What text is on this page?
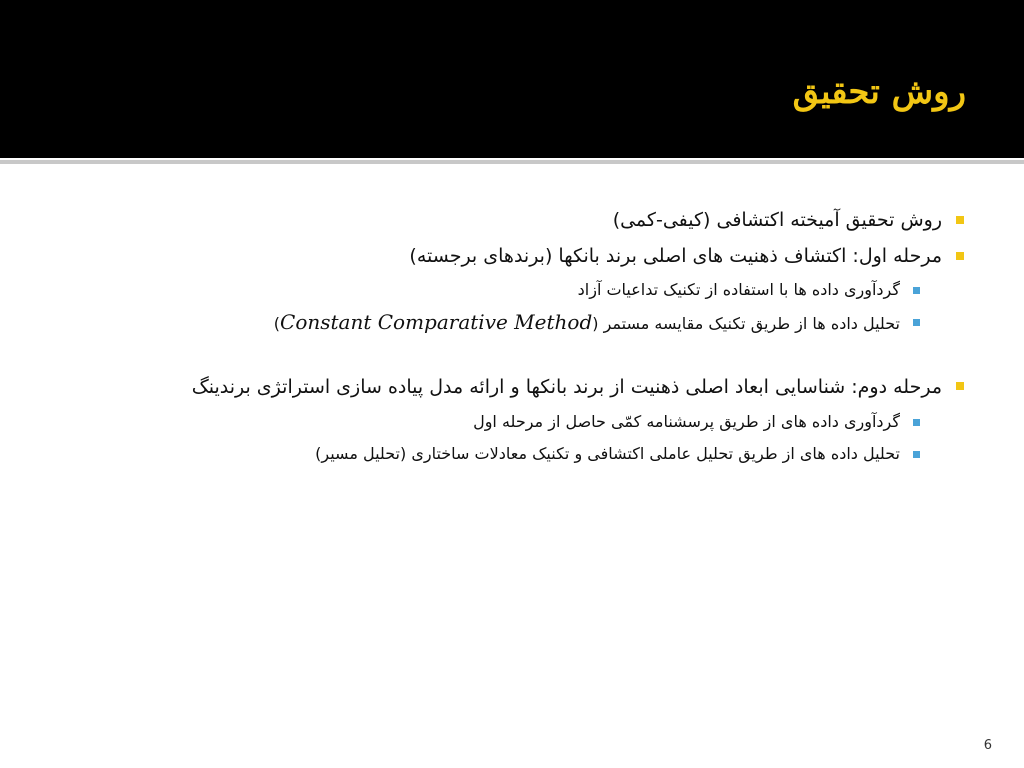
روش تحقیق
روش تحقیق آمیخته اکتشافی (کیفی-کمی)
مرحله اول: اکتشاف ذهنیت های اصلی برند بانکها (برندهای برجسته)
گردآوری داده ها با استفاده از تکنیک تداعیات آزاد
تحلیل داده ها از طریق تکنیک مقایسه مستمر (Constant Comparative Method)
مرحله دوم: شناسایی ابعاد اصلی ذهنیت از برند بانکها و ارائه مدل پیاده سازی استراتژی برندینگ
گردآوری داده های از طریق پرسشنامه کمّی حاصل از مرحله اول
تحلیل داده های از طریق تحلیل عاملی اکتشافی و تکنیک معادلات ساختاری (تحلیل مسیر)
6
